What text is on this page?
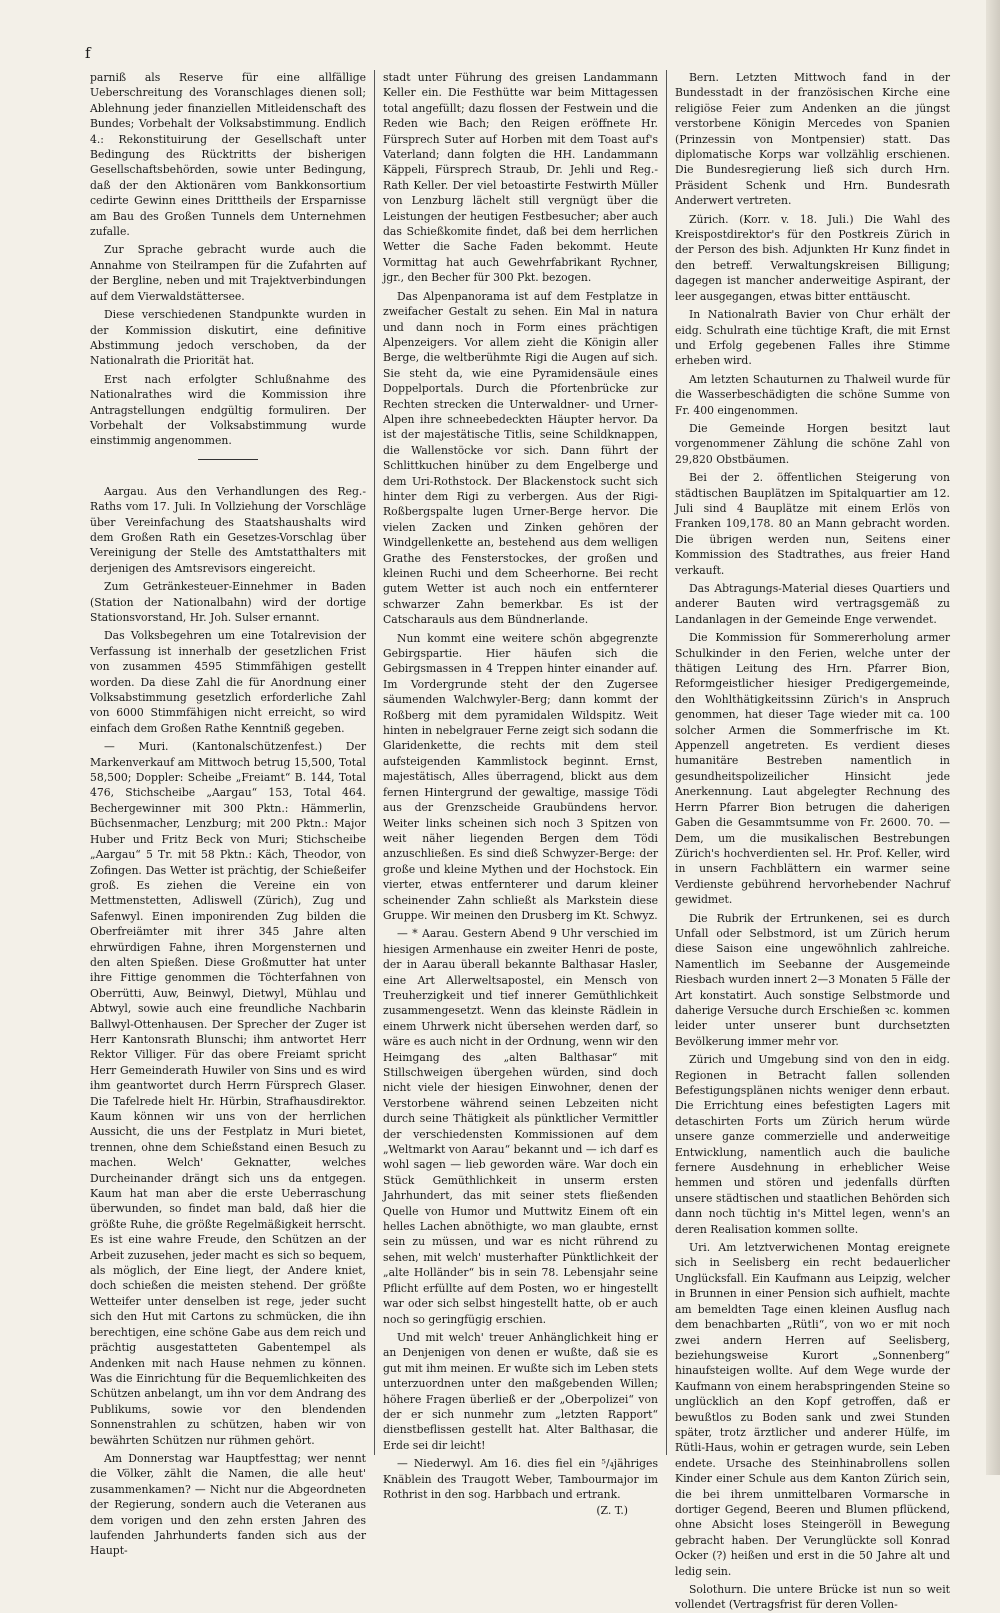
f

parniß als Reserve für eine allfällige Ueberschreitung des Voranschlages dienen soll; Ablehnung jeder finanziellen Mitleidenschaft des Bundes; Vorbehalt der Volksabstimmung. Endlich 4.: Rekonstituirung der Gesellschaft unter Bedingung des Rücktritts der bisherigen Gesellschaftsbehörden, sowie unter Bedingung, daß der den Aktionären vom Bankkonsortium cedirte Gewinn eines Dritttheils der Ersparnisse am Bau des Großen Tunnels dem Unternehmen zufalle.

Zur Sprache gebracht wurde auch die Annahme von Steilrampen für die Zufahrten auf der Bergline, neben und mit Trajektverbindungen auf dem Vierwaldstättersee.

Diese verschiedenen Standpunkte wurden in der Kommission diskutirt, eine definitive Abstimmung jedoch verschoben, da der Nationalrath die Priorität hat.

Erst nach erfolgter Schlußnahme des Nationalrathes wird die Kommission ihre Antragstellungen endgültig formuliren. Der Vorbehalt der Volksabstimmung wurde einstimmig angenommen.

Aargau. Aus den Verhandlungen des Reg.-Raths vom 17. Juli. In Vollziehung der Vorschläge über Vereinfachung des Staatshaushalts wird dem Großen Rath ein Gesetzes-Vorschlag über Vereinigung der Stelle des Amtstatthalters mit derjenigen des Amtsrevisors eingereicht.

Zum Getränkesteuer-Einnehmer in Baden (Station der Nationalbahn) wird der dortige Stationsvorstand, Hr. Joh. Sulser ernannt.

Das Volksbegehren um eine Totalrevision der Verfassung ist innerhalb der gesetzlichen Frist von zusammen 4595 Stimmfähigen gestellt worden. Da diese Zahl die für Anordnung einer Volksabstimmung gesetzlich erforderliche Zahl von 6000 Stimmfähigen nicht erreicht, so wird einfach dem Großen Rathe Kenntniß gegeben.

— Muri. (Kantonalschützenfest.) Der Markenverkauf am Mittwoch betrug 15,500, Total 58,500; Doppler: Scheibe „Freiamt“ B. 144, Total 476, Stichscheibe „Aargau“ 153, Total 464. Bechergewinner mit 300 Pktn.: Hämmerlin, Büchsenmacher, Lenzburg; mit 200 Pktn.: Major Huber und Fritz Beck von Muri; Stichscheibe „Aargau“ 5 Tr. mit 58 Pktn.: Käch, Theodor, von Zofingen. Das Wetter ist prächtig, der Schießeifer groß. Es ziehen die Vereine ein von Mettmenstetten, Adliswell (Zürich), Zug und Safenwyl. Einen imponirenden Zug bilden die Oberfreiämter mit ihrer 345 Jahre alten ehrwürdigen Fahne, ihren Morgensternen und den alten Spießen. Diese Großmutter hat unter ihre Fittige genommen die Töchterfahnen von Oberrütti, Auw, Beinwyl, Dietwyl, Mühlau und Abtwyl, sowie auch eine freundliche Nachbarin Ballwyl-Ottenhausen. Der Sprecher der Zuger ist Herr Kantonsrath Blunschi; ihm antwortet Herr Rektor Villiger. Für das obere Freiamt spricht Herr Gemeinderath Huwiler von Sins und es wird ihm geantwortet durch Herrn Fürsprech Glaser. Die Tafelrede hielt Hr. Hürbin, Strafhausdirektor. Kaum können wir uns von der herrlichen Aussicht, die uns der Festplatz in Muri bietet, trennen, ohne dem Schießstand einen Besuch zu machen. Welch' Geknatter, welches Durcheinander drängt sich uns da entgegen. Kaum hat man aber die erste Ueberraschung überwunden, so findet man bald, daß hier die größte Ruhe, die größte Regelmäßigkeit herrscht. Es ist eine wahre Freude, den Schützen an der Arbeit zuzusehen, jeder macht es sich so bequem, als möglich, der Eine liegt, der Andere kniet, doch schießen die meisten stehend. Der größte Wetteifer unter denselben ist rege, jeder sucht sich den Hut mit Cartons zu schmücken, die ihn berechtigen, eine schöne Gabe aus dem reich und prächtig ausgestatteten Gabentempel als Andenken mit nach Hause nehmen zu können. Was die Einrichtung für die Bequemlichkeiten des Schützen anbelangt, um ihn vor dem Andrang des Publikums, sowie vor den blendenden Sonnenstrahlen zu schützen, haben wir von bewährten Schützen nur rühmen gehört.

Am Donnerstag war Hauptfesttag; wer nennt die Völker, zählt die Namen, die alle heut' zusammenkamen? — Nicht nur die Abgeordneten der Regierung, sondern auch die Veteranen aus dem vorigen und den zehn ersten Jahren des laufenden Jahrhunderts fanden sich aus der Haupt-

stadt unter Führung des greisen Landammann Keller ein. Die Festhütte war beim Mittagessen total angefüllt; dazu flossen der Festwein und die Reden wie Bach; den Reigen eröffnete Hr. Fürsprech Suter auf Horben mit dem Toast auf's Vaterland; dann folgten die HH. Landammann Käppeli, Fürsprech Straub, Dr. Jehli und Reg.-Rath Keller. Der viel betoastirte Festwirth Müller von Lenzburg lächelt still vergnügt über die Leistungen der heutigen Festbesucher; aber auch das Schießkomite findet, daß bei dem herrlichen Wetter die Sache Faden bekommt. Heute Vormittag hat auch Gewehrfabrikant Rychner, jgr., den Becher für 300 Pkt. bezogen.

Das Alpenpanorama ist auf dem Festplatze in zweifacher Gestalt zu sehen. Ein Mal in natura und dann noch in Form eines prächtigen Alpenzeigers. Vor allem zieht die Königin aller Berge, die weltberühmte Rigi die Augen auf sich. Sie steht da, wie eine Pyramidensäule eines Doppelportals. Durch die Pfortenbrücke zur Rechten strecken die Unterwaldner- und Urner-Alpen ihre schneebedeckten Häupter hervor. Da ist der majestätische Titlis, seine Schildknappen, die Wallenstöcke vor sich. Dann führt der Schlittkuchen hinüber zu dem Engelberge und dem Uri-Rothstock. Der Blackenstock sucht sich hinter dem Rigi zu verbergen. Aus der Rigi-Roßbergspalte lugen Urner-Berge hervor. Die vielen Zacken und Zinken gehören der Windgellenkette an, bestehend aus dem welligen Grathe des Fensterstockes, der großen und kleinen Ruchi und dem Scheerhorne. Bei recht gutem Wetter ist auch noch ein entfernterer schwarzer Zahn bemerkbar. Es ist der Catscharauls aus dem Bündnerlande.

Nun kommt eine weitere schön abgegrenzte Gebirgspartie. Hier häufen sich die Gebirgsmassen in 4 Treppen hinter einander auf. Im Vordergrunde steht der den Zugersee säumenden Walchwyler-Berg; dann kommt der Roßberg mit dem pyramidalen Wildspitz. Weit hinten in nebelgrauer Ferne zeigt sich sodann die Glaridenkette, die rechts mit dem steil aufsteigenden Kammlistock beginnt. Ernst, majestätisch, Alles überragend, blickt aus dem fernen Hintergrund der gewaltige, massige Tödi aus der Grenzscheide Graubündens hervor. Weiter links scheinen sich noch 3 Spitzen von weit näher liegenden Bergen dem Tödi anzuschließen. Es sind dieß Schwyzer-Berge: der große und kleine Mythen und der Hochstock. Ein vierter, etwas entfernterer und darum kleiner scheinender Zahn schließt als Markstein diese Gruppe. Wir meinen den Drusberg im Kt. Schwyz.

— * Aarau. Gestern Abend 9 Uhr verschied im hiesigen Armenhause ein zweiter Henri de poste, der in Aarau überall bekannte Balthasar Hasler, eine Art Allerweltsapostel, ein Mensch von Treuherzigkeit und tief innerer Gemüthlichkeit zusammengesetzt. Wenn das kleinste Rädlein in einem Uhrwerk nicht übersehen werden darf, so wäre es auch nicht in der Ordnung, wenn wir den Heimgang des „alten Balthasar“ mit Stillschweigen übergehen würden, sind doch nicht viele der hiesigen Einwohner, denen der Verstorbene während seinen Lebzeiten nicht durch seine Thätigkeit als pünktlicher Vermittler der verschiedensten Kommissionen auf dem „Weltmarkt von Aarau“ bekannt und — ich darf es wohl sagen — lieb geworden wäre. War doch ein Stück Gemüthlichkeit in unserm ersten Jahrhundert, das mit seiner stets fließenden Quelle von Humor und Muttwitz Einem oft ein helles Lachen abnöthigte, wo man glaubte, ernst sein zu müssen, und war es nicht rührend zu sehen, mit welch' musterhafter Pünktlichkeit der „alte Holländer“ bis in sein 78. Lebensjahr seine Pflicht erfüllte auf dem Posten, wo er hingestellt war oder sich selbst hingestellt hatte, ob er auch noch so geringfügig erschien.

Und mit welch' treuer Anhänglichkeit hing er an Denjenigen von denen er wußte, daß sie es gut mit ihm meinen. Er wußte sich im Leben stets unterzuordnen unter den maßgebenden Willen; höhere Fragen überließ er der „Oberpolizei“ von der er sich nunmehr zum „letzten Rapport“ dienstbeflissen gestellt hat. Alter Balthasar, die Erde sei dir leicht!

— Niederwyl. Am 16. dies fiel ein ⁵/₄jähriges Knäblein des Traugott Weber, Tambourmajor im Rothrist in den sog. Harbbach und ertrank.

(Z. T.)

Bern. Letzten Mittwoch fand in der Bundesstadt in der französischen Kirche eine religiöse Feier zum Andenken an die jüngst verstorbene Königin Mercedes von Spanien (Prinzessin von Montpensier) statt. Das diplomatische Korps war vollzählig erschienen. Die Bundesregierung ließ sich durch Hrn. Präsident Schenk und Hrn. Bundesrath Anderwert vertreten.

Zürich. (Korr. v. 18. Juli.) Die Wahl des Kreispostdirektor's für den Postkreis Zürich in der Person des bish. Adjunkten Hr Kunz findet in den betreff. Verwaltungskreisen Billigung; dagegen ist mancher anderweitige Aspirant, der leer ausgegangen, etwas bitter enttäuscht.

In Nationalrath Bavier von Chur erhält der eidg. Schulrath eine tüchtige Kraft, die mit Ernst und Erfolg gegebenen Falles ihre Stimme erheben wird.

Am letzten Schauturnen zu Thalweil wurde für die Wasserbeschädigten die schöne Summe von Fr. 400 eingenommen.

Die Gemeinde Horgen besitzt laut vorgenommener Zählung die schöne Zahl von 29,820 Obstbäumen.

Bei der 2. öffentlichen Steigerung von städtischen Bauplätzen im Spitalquartier am 12. Juli sind 4 Bauplätze mit einem Erlös von Franken 109,178. 80 an Mann gebracht worden. Die übrigen werden nun, Seitens einer Kommission des Stadtrathes, aus freier Hand verkauft.

Das Abtragungs-Material dieses Quartiers und anderer Bauten wird vertragsgemäß zu Landanlagen in der Gemeinde Enge verwendet.

Die Kommission für Sommererholung armer Schulkinder in den Ferien, welche unter der thätigen Leitung des Hrn. Pfarrer Bion, Reformgeistlicher hiesiger Predigergemeinde, den Wohlthätigkeitssinn Zürich's in Anspruch genommen, hat dieser Tage wieder mit ca. 100 solcher Armen die Sommerfrische im Kt. Appenzell angetreten. Es verdient dieses humanitäre Bestreben namentlich in gesundheitspolizeilicher Hinsicht jede Anerkennung. Laut abgelegter Rechnung des Herrn Pfarrer Bion betrugen die daherigen Gaben die Gesammtsumme von Fr. 2600. 70. — Dem, um die musikalischen Bestrebungen Zürich's hochverdienten sel. Hr. Prof. Keller, wird in unsern Fachblättern ein warmer seine Verdienste gebührend hervorhebender Nachruf gewidmet.

Die Rubrik der Ertrunkenen, sei es durch Unfall oder Selbstmord, ist um Zürich herum diese Saison eine ungewöhnlich zahlreiche. Namentlich im Seebanne der Ausgemeinde Riesbach wurden innert 2—3 Monaten 5 Fälle der Art konstatirt. Auch sonstige Selbstmorde und daherige Versuche durch Erschießen ꝛc. kommen leider unter unserer bunt durchsetzten Bevölkerung immer mehr vor.

Zürich und Umgebung sind von den in eidg. Regionen in Betracht fallen sollenden Befestigungsplänen nichts weniger denn erbaut. Die Errichtung eines befestigten Lagers mit detaschirten Forts um Zürich herum würde unsere ganze commerzielle und anderweitige Entwicklung, namentlich auch die bauliche fernere Ausdehnung in erheblicher Weise hemmen und stören und jedenfalls dürften unsere städtischen und staatlichen Behörden sich dann noch tüchtig in's Mittel legen, wenn's an deren Realisation kommen sollte.

Uri. Am letztverwichenen Montag ereignete sich in Seelisberg ein recht bedauerlicher Unglücksfall. Ein Kaufmann aus Leipzig, welcher in Brunnen in einer Pension sich aufhielt, machte am bemeldten Tage einen kleinen Ausflug nach dem benachbarten „Rütli“, von wo er mit noch zwei andern Herren auf Seelisberg, beziehungsweise Kurort „Sonnenberg“ hinaufsteigen wollte. Auf dem Wege wurde der Kaufmann von einem herabspringenden Steine so unglücklich an den Kopf getroffen, daß er bewußtlos zu Boden sank und zwei Stunden später, trotz ärztlicher und anderer Hülfe, im Rütli-Haus, wohin er getragen wurde, sein Leben endete. Ursache des Steinhinabrollens sollen Kinder einer Schule aus dem Kanton Zürich sein, die bei ihrem unmittelbaren Vormarsche in dortiger Gegend, Beeren und Blumen pflückend, ohne Absicht loses Steingeröll in Bewegung gebracht haben. Der Verunglückte soll Konrad Ocker (?) heißen und erst in die 50 Jahre alt und ledig sein.

Solothurn. Die untere Brücke ist nun so weit vollendet (Vertragsfrist für deren Vollen-
